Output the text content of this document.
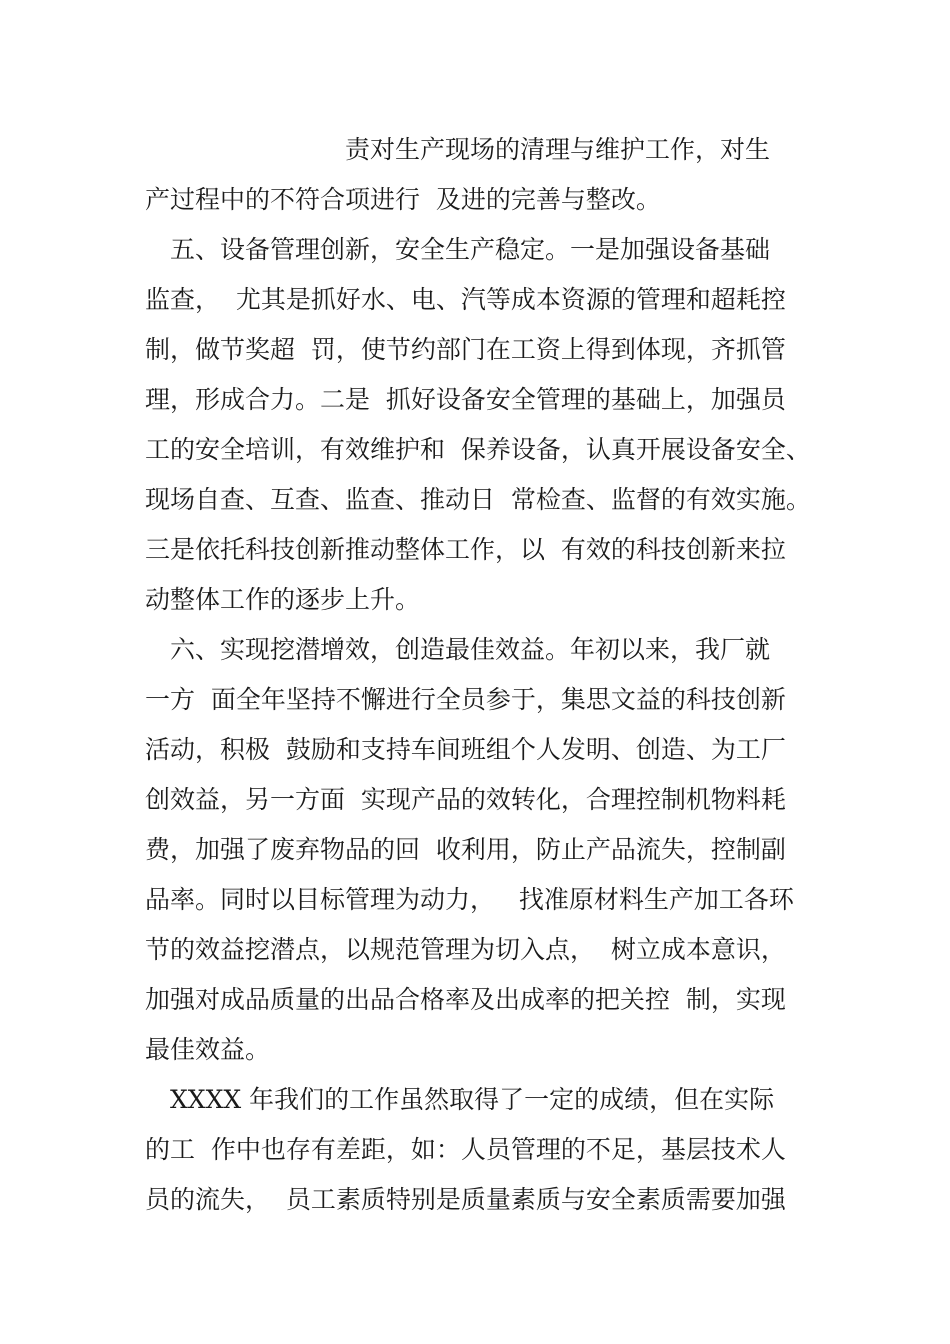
　　　　　　　　责对生产现场的清理与维护工作，对生
产过程中的不符合项进行  及进的完善与整改。
　五、设备管理创新，安全生产稳定。一是加强设备基础
监查，  尤其是抓好水、电、汽等成本资源的管理和超耗控
制，做节奖超  罚，使节约部门在工资上得到体现，齐抓管
理，形成合力。二是  抓好设备安全管理的基础上，加强员
工的安全培训，有效维护和  保养设备，认真开展设备安全、
现场自查、互查、监查、推动日  常检查、监督的有效实施。
三是依托科技创新推动整体工作，以  有效的科技创新来拉
动整体工作的逐步上升。
　六、实现挖潜增效，创造最佳效益。年初以来，我厂就
一方  面全年坚持不懈进行全员参于，集思文益的科技创新
活动，积极  鼓励和支持车间班组个人发明、创造、为工厂
创效益，另一方面  实现产品的效转化，合理控制机物料耗
费，加强了废弃物品的回  收利用，防止产品流失，控制副
品率。同时以目标管理为动力，   找准原材料生产加工各环
节的效益挖潜点，以规范管理为切入点，  树立成本意识，
加强对成品质量的出品合格率及出成率的把关控  制，实现
最佳效益。
　XXXX 年我们的工作虽然取得了一定的成绩，但在实际
的工  作中也存有差距，如：人员管理的不足，基层技术人
员的流失，  员工素质特别是质量素质与安全素质需要加强
